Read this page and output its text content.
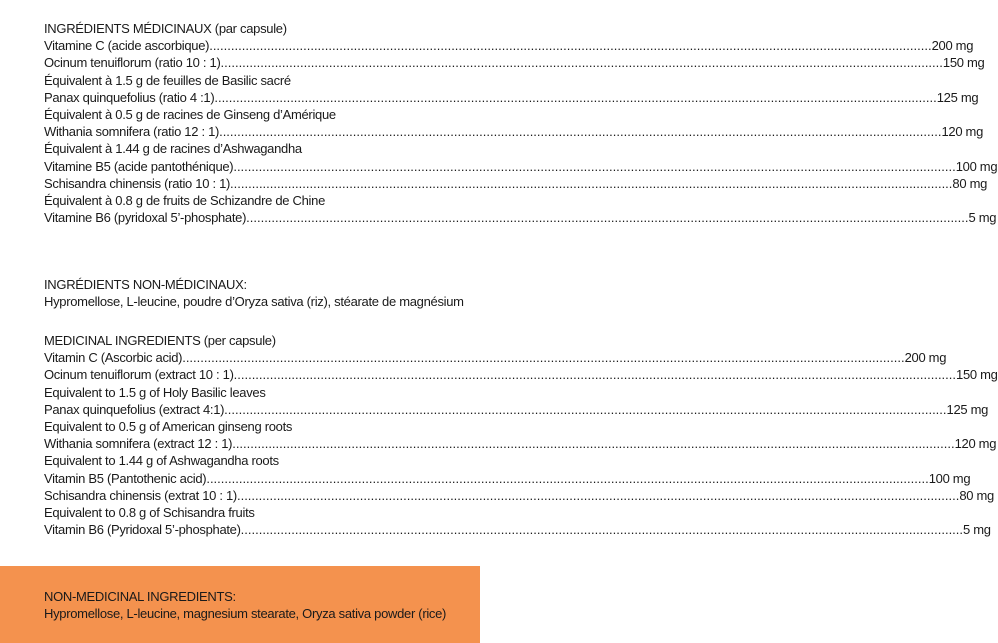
INGRÉDIENTS MÉDICINAUX (par capsule)
Vitamine C (acide ascorbique) ........................................................................................................................................................................................................ 200 mg
Ocinum tenuiflorum (ratio 10 : 1) ........................................................................................................................................................................................................ 150 mg
Équivalent à 1.5 g de feuilles de Basilic sacré
Panax quinquefolius (ratio 4 :1) ........................................................................................................................................................................................................ 125 mg
Équivalent à 0.5 g de racines de Ginseng d’Amérique
Withania somnifera (ratio 12 : 1) ........................................................................................................................................................................................................ 120 mg
Équivalent à 1.44 g de racines d’Ashwagandha
Vitamine B5 (acide pantothénique) ........................................................................................................................................................................................................ 100 mg
Schisandra chinensis (ratio 10 : 1) ........................................................................................................................................................................................................ 80 mg
Équivalent à 0.8 g de fruits de Schizandre de Chine
Vitamine B6 (pyridoxal 5’-phosphate) ........................................................................................................................................................................................................ 5 mg
INGRÉDIENTS NON-MÉDICINAUX:
Hypromellose, L-leucine, poudre d’Oryza sativa (riz), stéarate de magnésium
MEDICINAL INGREDIENTS (per capsule)
Vitamin C (Ascorbic acid) ........................................................................................................................................................................................................ 200 mg
Ocinum tenuiflorum (extract 10 : 1) ........................................................................................................................................................................................................ 150 mg
Equivalent to 1.5 g of Holy Basilic leaves
Panax quinquefolius (extract 4:1) ........................................................................................................................................................................................................ 125 mg
Equivalent to 0.5 g of American ginseng roots
Withania somnifera (extract 12 : 1) ........................................................................................................................................................................................................ 120 mg
Equivalent to 1.44 g of Ashwagandha roots
Vitamin B5 (Pantothenic acid) ........................................................................................................................................................................................................ 100 mg
Schisandra chinensis (extrat 10 : 1) ........................................................................................................................................................................................................ 80 mg
Equivalent to 0.8 g of Schisandra fruits
Vitamin B6 (Pyridoxal 5’-phosphate) ........................................................................................................................................................................................................ 5 mg
NON-MEDICINAL INGREDIENTS:
Hypromellose, L-leucine, magnesium stearate, Oryza sativa powder (rice)
